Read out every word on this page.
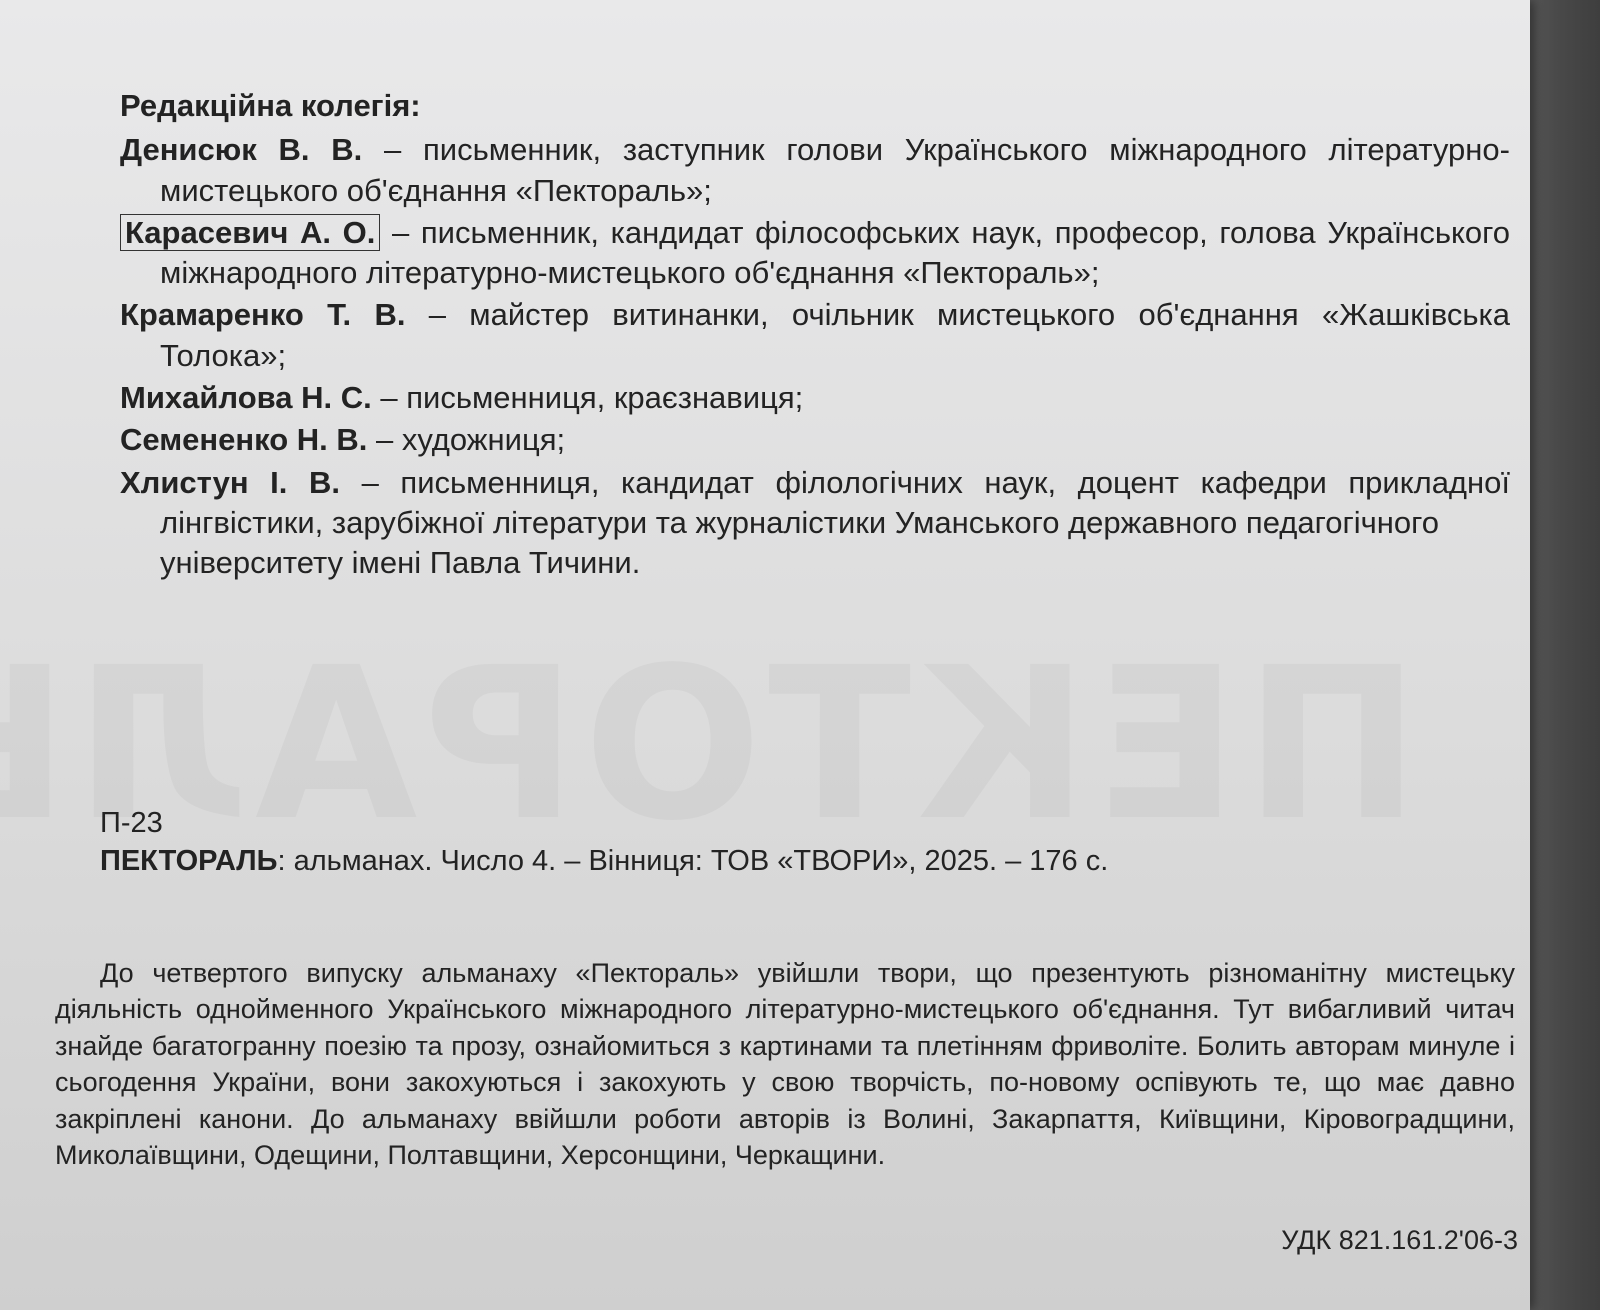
Редакційна колегія:
Денисюк В. В. – письменник, заступник голови Українського міжнародного літературно-
мистецького об'єднання «Пектораль»;
Карасевич А. О. – письменник, кандидат філософських наук, професор, голова Українського
міжнародного літературно-мистецького об'єднання «Пектораль»;
Крамаренко Т. В. – майстер витинанки, очільник мистецького об'єднання «Жашківська
Толока»;
Михайлова Н. С. – письменниця, краєзнавиця;
Семененко Н. В. – художниця;
Хлистун І. В. – письменниця, кандидат філологічних наук, доцент кафедри прикладної
лінгвістики, зарубіжної літератури та журналістики Уманського державного педагогічного університету імені Павла Тичини.
П-23
ПЕКТОРАЛЬ: альманах. Число 4. – Вінниця: ТОВ «ТВОРИ», 2025. – 176 с.

До четвертого випуску альманаху «Пектораль» увійшли твори, що презентують різноманітну мистецьку діяльність однойменного Українського міжнародного літературно-мистецького об'єднання. Тут вибагливий читач знайде багатогранну поезію та прозу, ознайомиться з картинами та плетінням фриволіте. Болить авторам минуле і сьогодення України, вони закохуються і закохують у свою творчість, по-новому оспівують те, що має давно закріплені канони. До альманаху ввійшли роботи авторів із Волині, Закарпаття, Київщини, Кіровоградщини, Миколаївщини, Одещини, Полтавщини, Херсонщини, Черкащини.

УДК 821.161.2'06-3
